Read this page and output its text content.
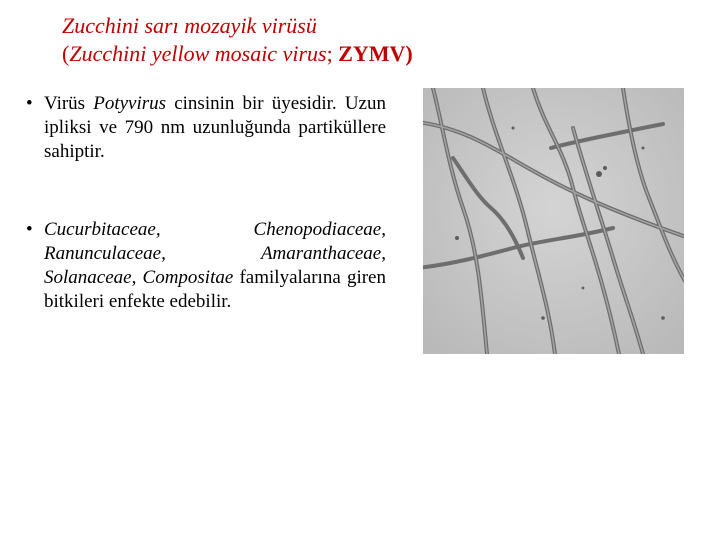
Zucchini sarı mozayik virüsü
(Zucchini yellow mosaic virus; ZYMV)
• Virüs Potyvirus cinsinin bir üyesidir. Uzun ipliksi ve 790 nm uzunluğunda partiküllere sahiptir.
• Cucurbitaceae, Chenopodiaceae, Ranunculaceae, Amaranthaceae, Solanaceae, Compositae familyalarına giren bitkileri enfekte edebilir.
